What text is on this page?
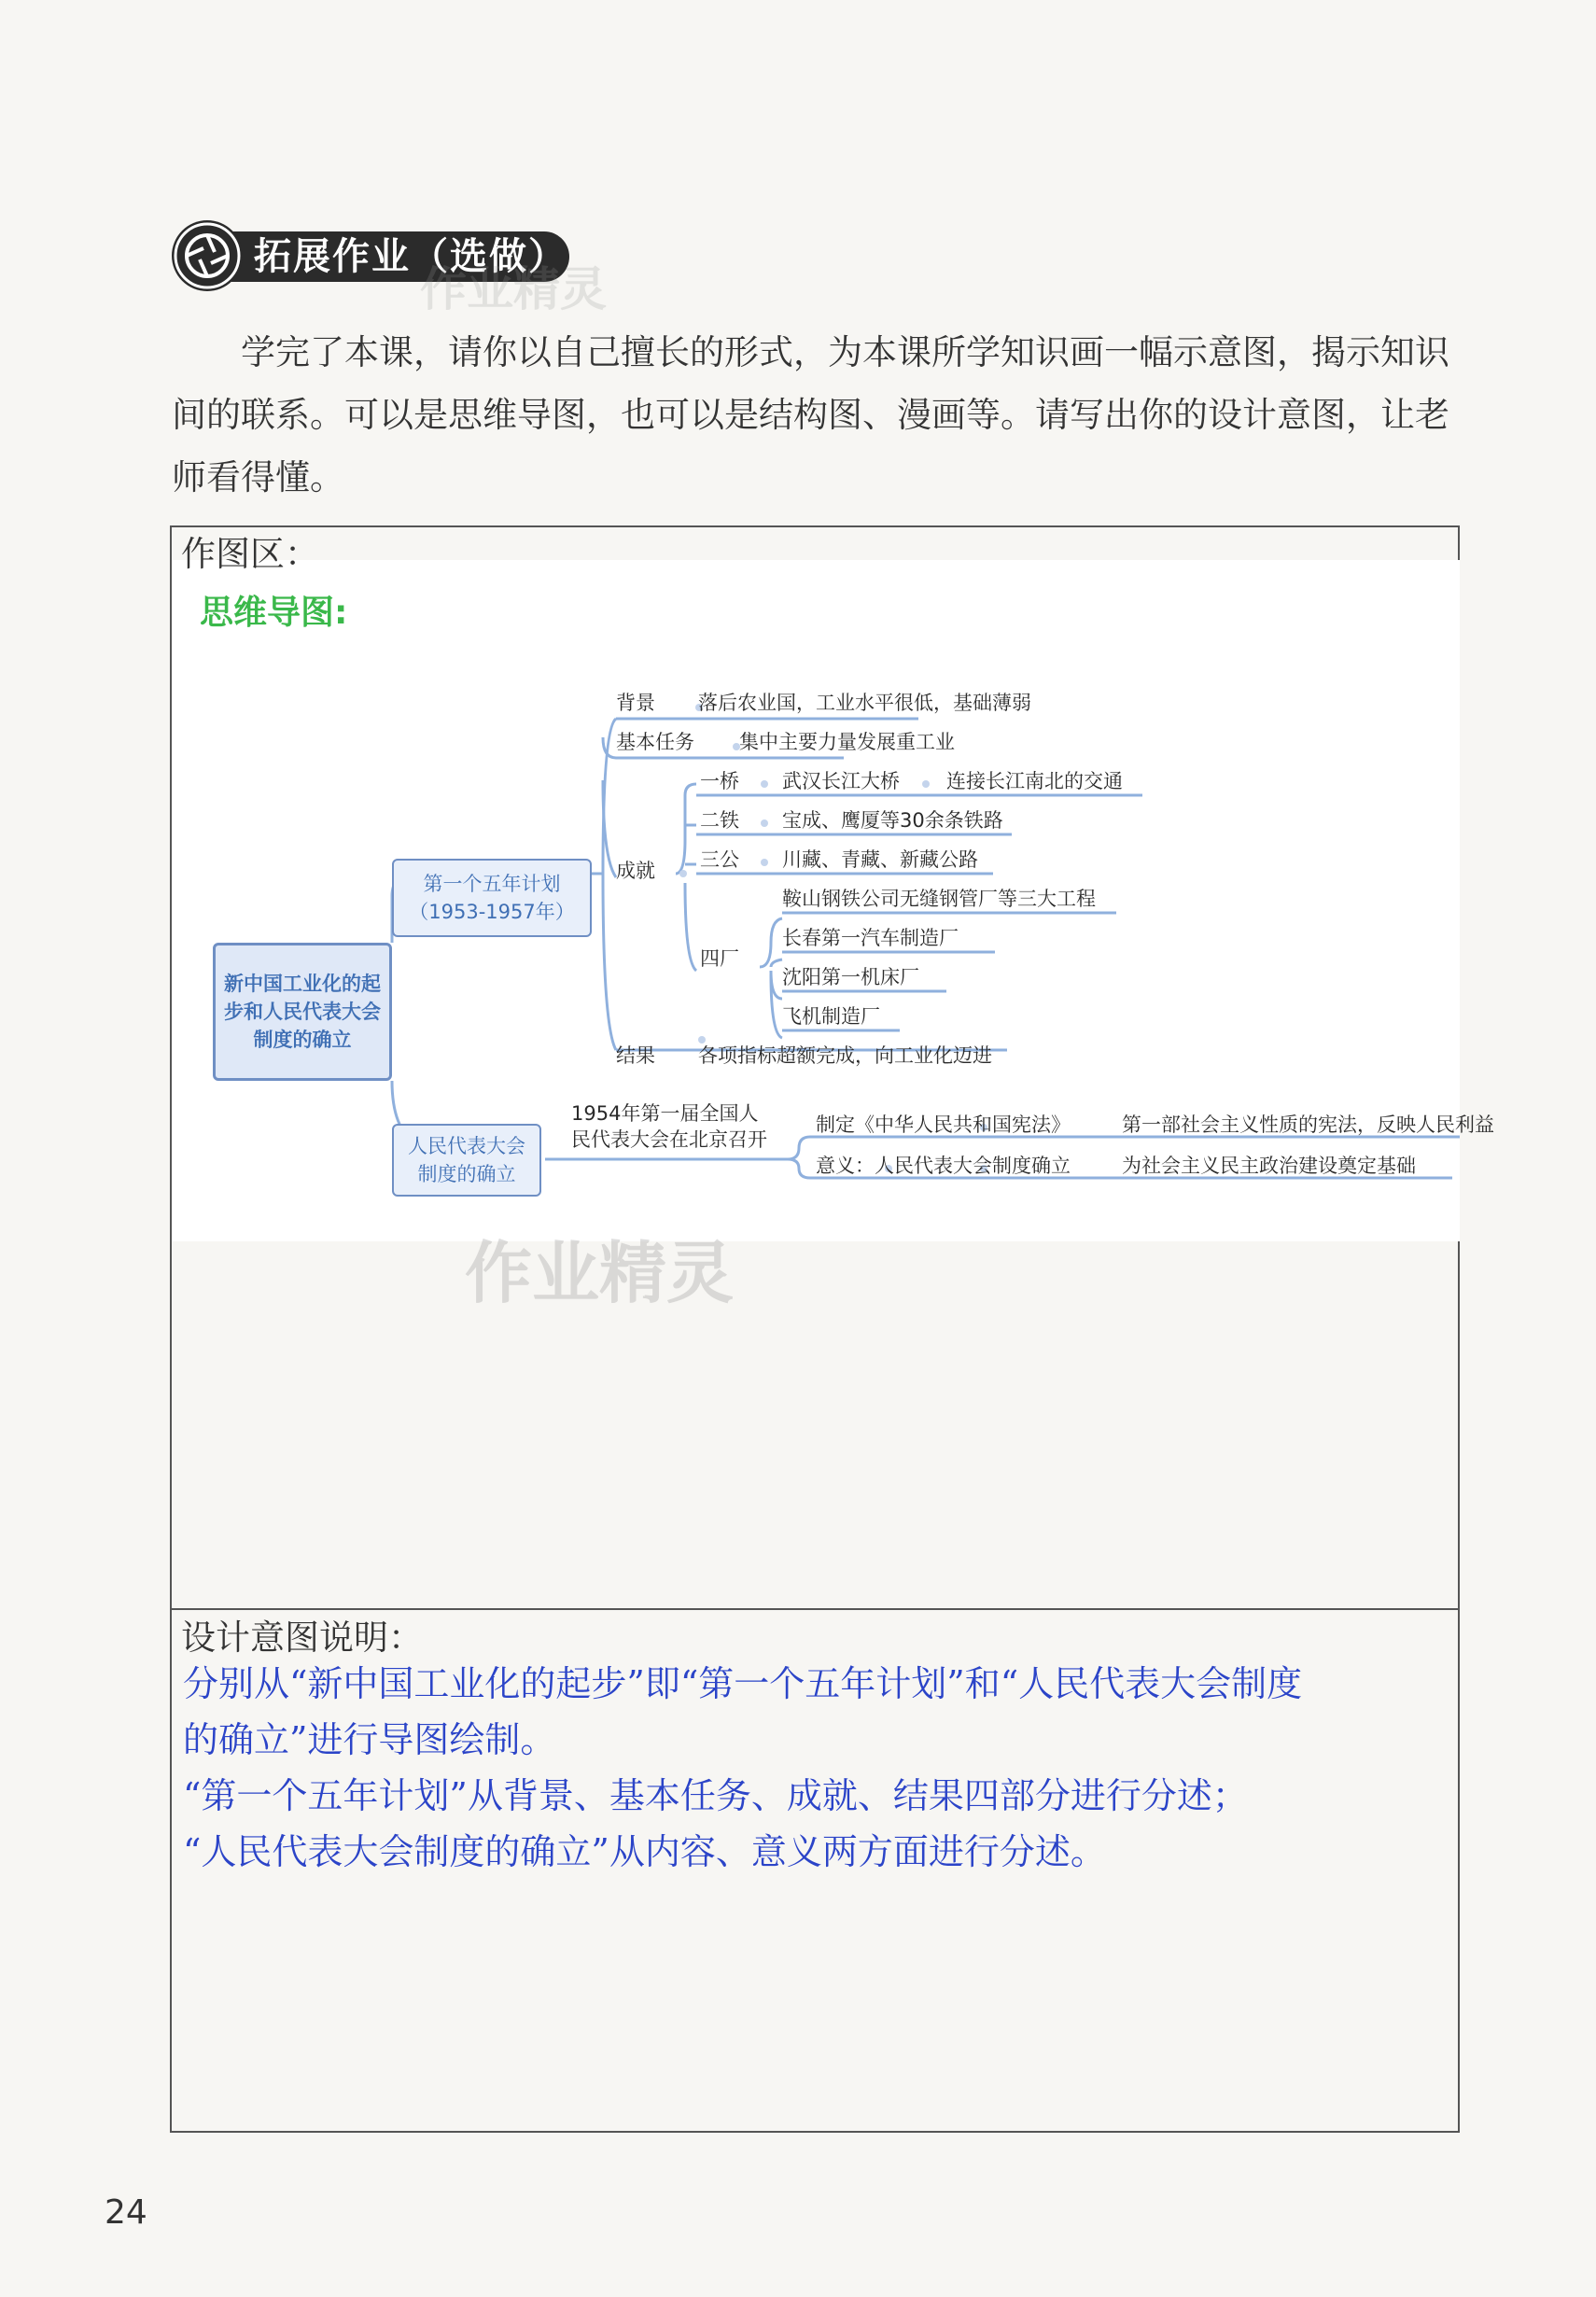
拓展作业（选做）
作业精灵
学完了本课，请你以自己擅长的形式，为本课所学知识画一幅示意图，揭示知识间的联系。可以是思维导图，也可以是结构图、漫画等。请写出你的设计意图，让老师看得懂。
作图区：
思维导图:
新中国工业化的起步和人民代表大会制度的确立
第一个五年计划
（1953-1957年）
人民代表大会
制度的确立
背景 落后农业国，工业水平很低，基础薄弱
基本任务 集中主要力量发展重工业
成就
一桥 武汉长江大桥 连接长江南北的交通
二铁 宝成、鹰厦等30余条铁路
三公 川藏、青藏、新藏公路
四厂
鞍山钢铁公司无缝钢管厂等三大工程
长春第一汽车制造厂
沈阳第一机床厂
飞机制造厂
结果 各项指标超额完成，向工业化迈进
1954年第一届全国人
民代表大会在北京召开
制定《中华人民共和国宪法》	第一部社会主义性质的宪法，反映人民利益
意义：人民代表大会制度确立	为社会主义民主政治建设奠定基础
作业精灵
设计意图说明：
分别从“新中国工业化的起步”即“第一个五年计划”和“人民代表大会制度
的确立”进行导图绘制。
“第一个五年计划”从背景、基本任务、成就、结果四部分进行分述；
“人民代表大会制度的确立”从内容、意义两方面进行分述。
24
